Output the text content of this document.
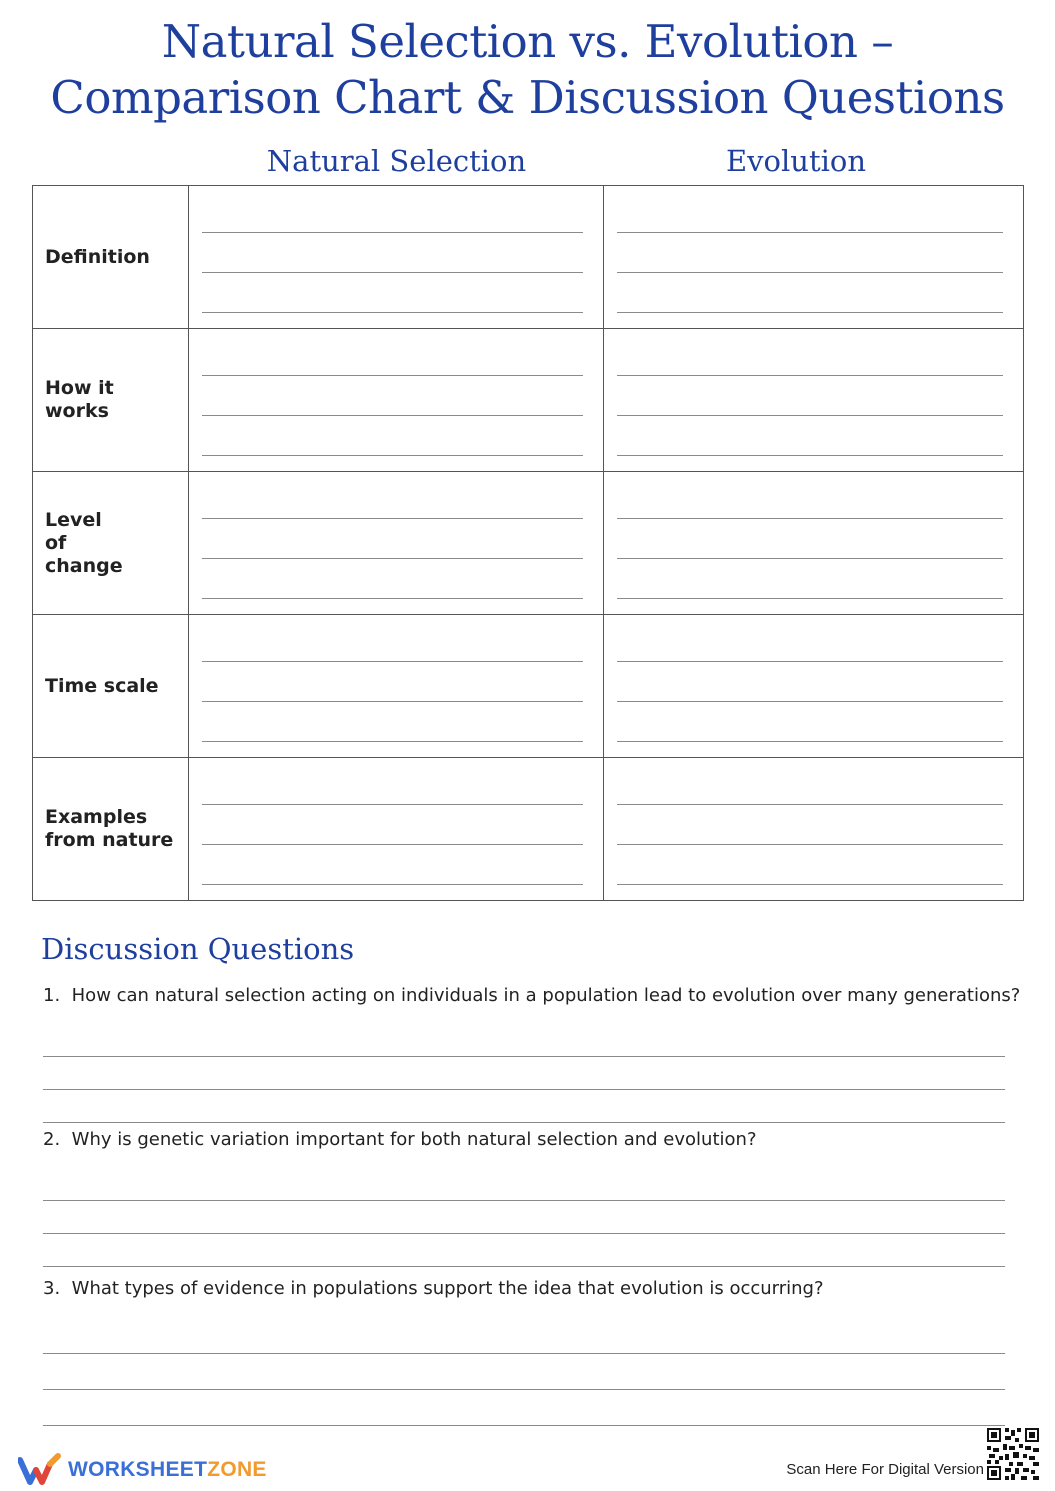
Natural Selection vs. Evolution –
Comparison Chart & Discussion Questions
Natural Selection	Evolution
Definition		

How it works		

Level of change		

Time scale		

Examples from nature		

Discussion Questions
1. How can natural selection acting on individuals in a population lead to evolution over many generations?
2. Why is genetic variation important for both natural selection and evolution?
3. What types of evidence in populations support the idea that evolution is occurring?
WORKSHEETZONE	Scan Here For Digital Version
